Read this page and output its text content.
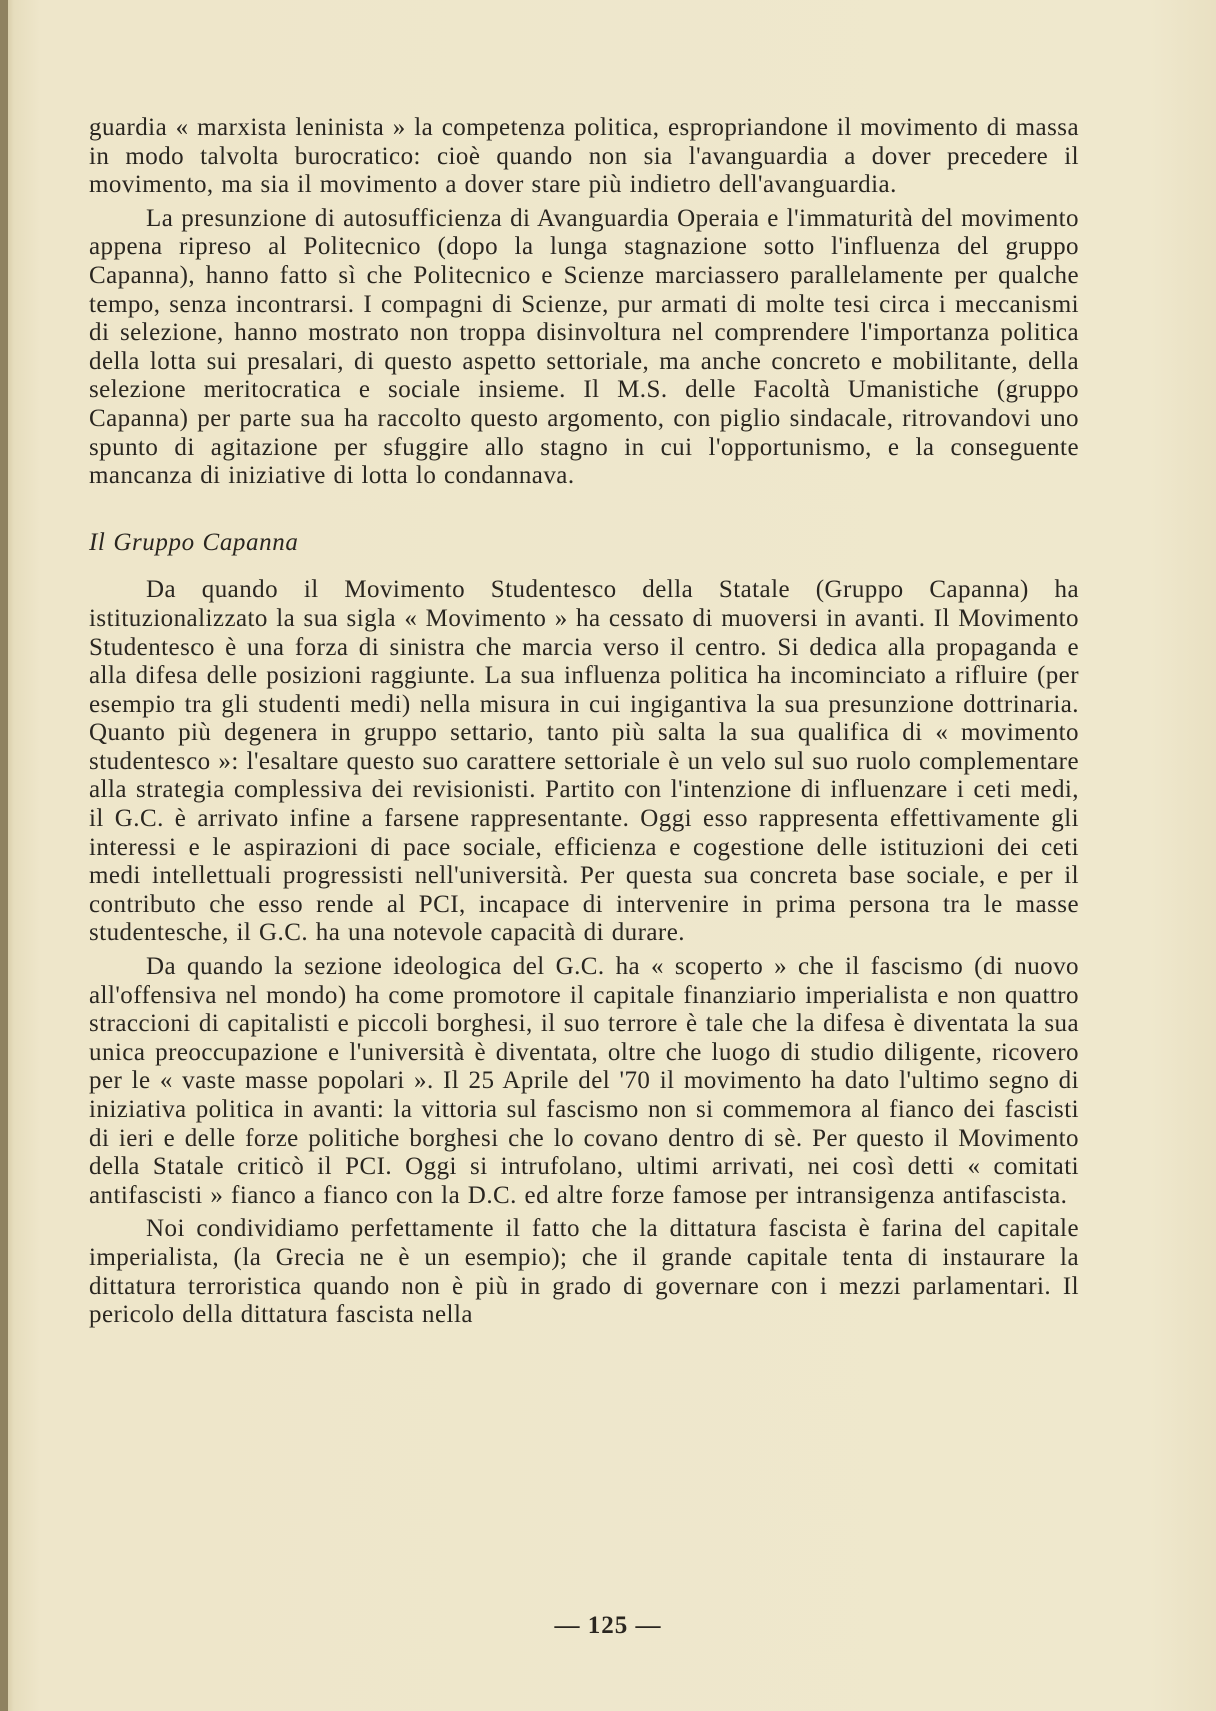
guardia « marxista leninista » la competenza politica, espropriandone il movimento di massa in modo talvolta burocratico: cioè quando non sia l'avanguardia a dover precedere il movimento, ma sia il movimento a dover stare più indietro dell'avanguardia.

La presunzione di autosufficienza di Avanguardia Operaia e l'immaturità del movimento appena ripreso al Politecnico (dopo la lunga stagnazione sotto l'influenza del gruppo Capanna), hanno fatto sì che Politecnico e Scienze marciassero parallelamente per qualche tempo, senza incontrarsi. I compagni di Scienze, pur armati di molte tesi circa i meccanismi di selezione, hanno mostrato non troppa disinvoltura nel comprendere l'importanza politica della lotta sui presalari, di questo aspetto settoriale, ma anche concreto e mobilitante, della selezione meritocratica e sociale insieme. Il M.S. delle Facoltà Umanistiche (gruppo Capanna) per parte sua ha raccolto questo argomento, con piglio sindacale, ritrovandovi uno spunto di agitazione per sfuggire allo stagno in cui l'opportunismo, e la conseguente mancanza di iniziative di lotta lo condannava.

Il Gruppo Capanna

Da quando il Movimento Studentesco della Statale (Gruppo Capanna) ha istituzionalizzato la sua sigla « Movimento » ha cessato di muoversi in avanti. Il Movimento Studentesco è una forza di sinistra che marcia verso il centro. Si dedica alla propaganda e alla difesa delle posizioni raggiunte. La sua influenza politica ha incominciato a rifluire (per esempio tra gli studenti medi) nella misura in cui ingigantiva la sua presunzione dottrinaria. Quanto più degenera in gruppo settario, tanto più salta la sua qualifica di « movimento studentesco »: l'esaltare questo suo carattere settoriale è un velo sul suo ruolo complementare alla strategia complessiva dei revisionisti. Partito con l'intenzione di influenzare i ceti medi, il G.C. è arrivato infine a farsene rappresentante. Oggi esso rappresenta effettivamente gli interessi e le aspirazioni di pace sociale, efficienza e cogestione delle istituzioni dei ceti medi intellettuali progressisti nell'università. Per questa sua concreta base sociale, e per il contributo che esso rende al PCI, incapace di intervenire in prima persona tra le masse studentesche, il G.C. ha una notevole capacità di durare.

Da quando la sezione ideologica del G.C. ha « scoperto » che il fascismo (di nuovo all'offensiva nel mondo) ha come promotore il capitale finanziario imperialista e non quattro straccioni di capitalisti e piccoli borghesi, il suo terrore è tale che la difesa è diventata la sua unica preoccupazione e l'università è diventata, oltre che luogo di studio diligente, ricovero per le « vaste masse popolari ». Il 25 Aprile del '70 il movimento ha dato l'ultimo segno di iniziativa politica in avanti: la vittoria sul fascismo non si commemora al fianco dei fascisti di ieri e delle forze politiche borghesi che lo covano dentro di sè. Per questo il Movimento della Statale criticò il PCI. Oggi si intrufolano, ultimi arrivati, nei così detti « comitati antifascisti » fianco a fianco con la D.C. ed altre forze famose per intransigenza antifascista.

Noi condividiamo perfettamente il fatto che la dittatura fascista è farina del capitale imperialista, (la Grecia ne è un esempio); che il grande capitale tenta di instaurare la dittatura terroristica quando non è più in grado di governare con i mezzi parlamentari. Il pericolo della dittatura fascista nella

— 125 —
